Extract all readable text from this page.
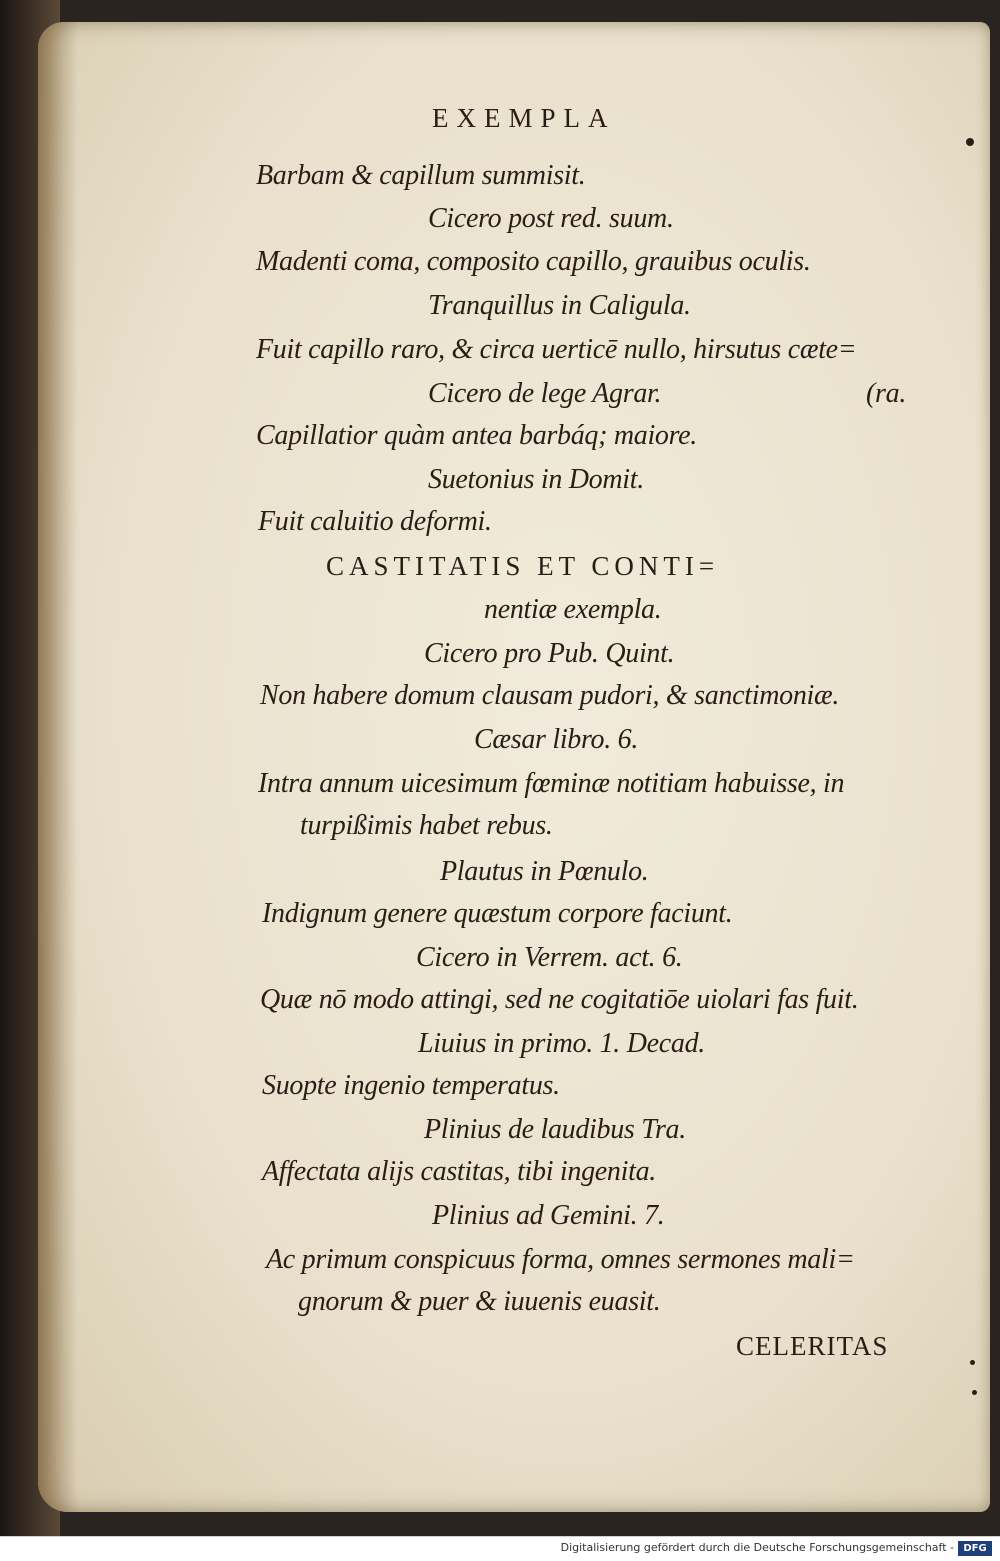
EXEMPLA

Barbam & capillum summisit.

Cicero post red. suum.

Madenti coma, composito capillo, grauibus oculis.

Tranquillus in Caligula.

Fuit capillo raro, & circa uerticē nullo, hirsutus cæte=

Cicero de lege Agrar.	(ra.

Capillatior quàm antea barbáq; maiore.

Suetonius in Domit.

Fuit caluitio deformi.

CASTITATIS ET CONTI=

nentiæ exempla.

Cicero pro Pub. Quint.

Non habere domum clausam pudori, & sanctimoniæ.

Cæsar libro. 6.

Intra annum uicesimum fœminæ notitiam habuisse, in

turpißimis habet rebus.

Plautus in Pœnulo.

Indignum genere quæstum corpore faciunt.

Cicero in Verrem. act. 6.

Quæ nō modo attingi, sed ne cogitatiōe uiolari fas fuit.

Liuius in primo. 1. Decad.

Suopte ingenio temperatus.

Plinius de laudibus Tra.

Affectata alijs castitas, tibi ingenita.

Plinius ad Gemini. 7.

Ac primum conspicuus forma, omnes sermones mali=

gnorum & puer & iuuenis euasit.

CELERITAS

Digitalisierung gefördert durch die Deutsche Forschungsgemeinschaft - DFG
